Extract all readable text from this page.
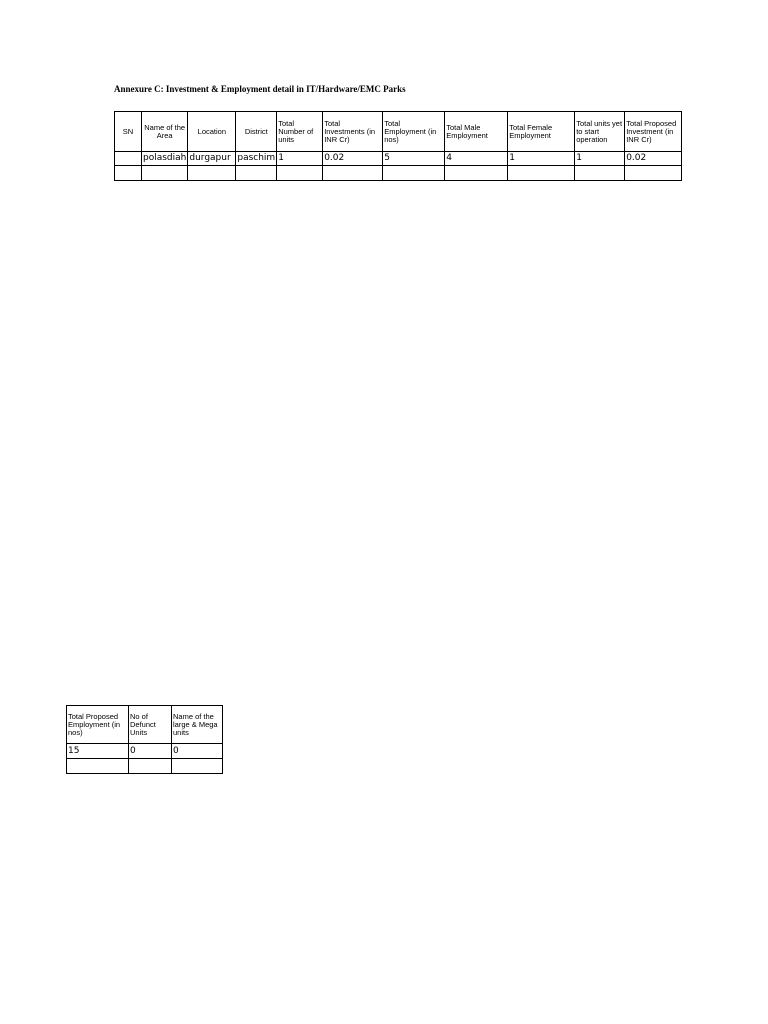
Annexure C: Investment & Employment detail in IT/Hardware/EMC Parks
SN	Name of the Area	Location	District	Total Number of units	Total Investments (in INR Cr)	Total Employment (in nos)	Total Male Employment	Total Female Employment	Total units yet to start operation	Total Proposed Investment (in INR Cr)
	polasdiah	durgapur	paschim	1	0.02	5	4	1	1	0.02

Total Proposed Employment (in nos)	No of Defunct Units	Name of the large & Mega units
15	0	0
